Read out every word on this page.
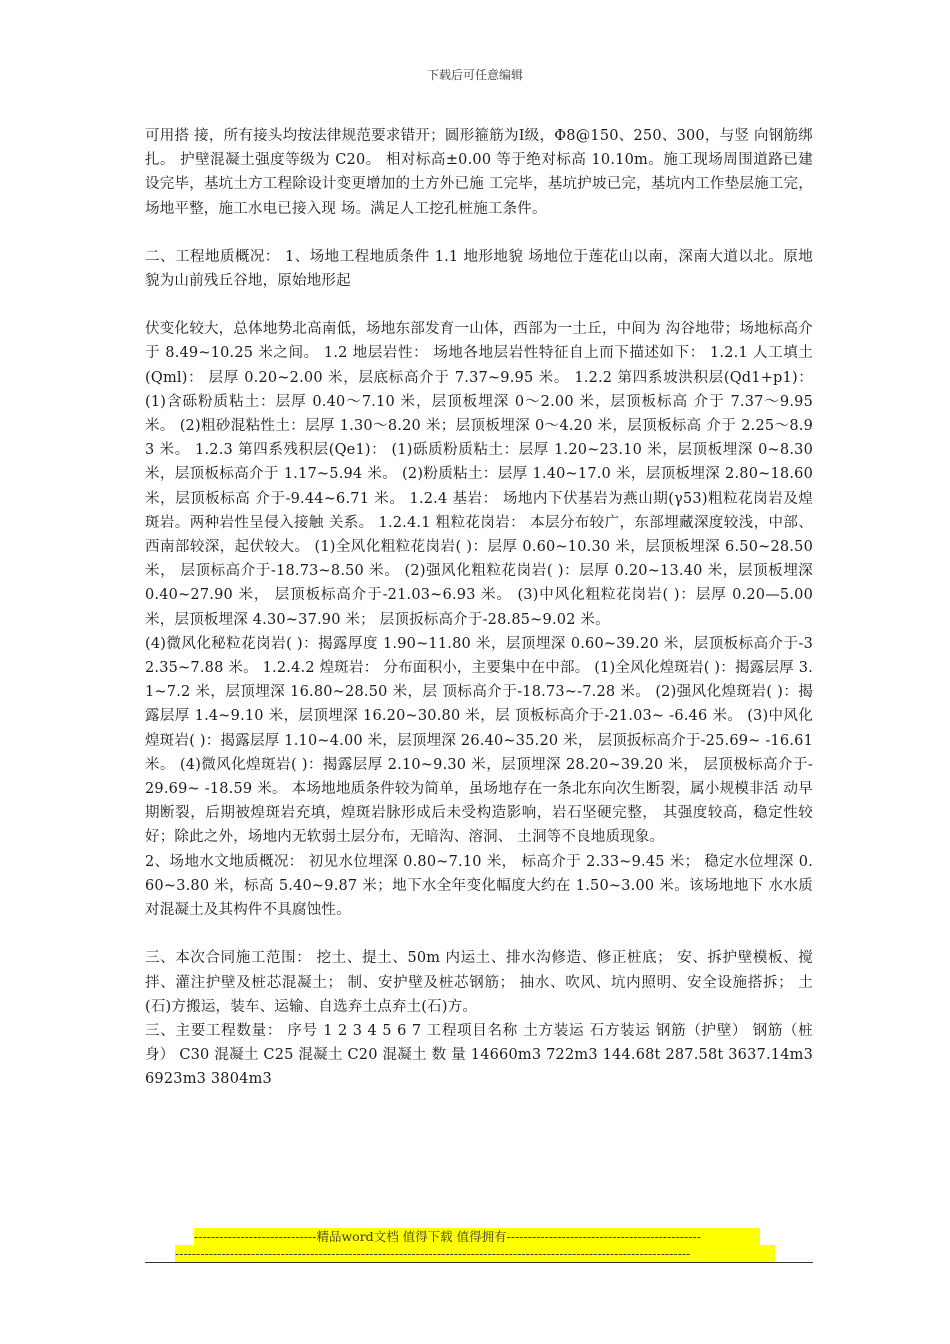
下载后可任意编辑

可用搭 接，所有接头均按法律规范要求错开；圆形箍筋为Ⅰ级，Φ8@150、250、300，与竖 向钢筋绑扎。 护壁混凝土强度等级为 C20。 相对标高±0.00 等于绝对标高 10.10m。施工现场周围道路已建设完毕，基坑土方工程除设计变更增加的土方外已施 工完毕，基坑护坡已完，基坑内工作垫层施工完，场地平整，施工水电已接入现 场。满足人工挖孔桩施工条件。

二、工程地质概况： 1、场地工程地质条件 1.1 地形地貌 场地位于莲花山以南，深南大道以北。原地貌为山前残丘谷地，原始地形起

伏变化较大，总体地势北高南低，场地东部发育一山体，西部为一土丘，中间为 沟谷地带；场地标高介于 8.49~10.25 米之间。 1.2 地层岩性： 场地各地层岩性特征自上而下描述如下： 1.2.1 人工填土(Qml)： 层厚 0.20~2.00 米，层底标高介于 7.37~9.95 米。 1.2.2 第四系坡洪积层(Qd1+p1)： (1)含砾粉质粘土：层厚 0.40～7.10 米，层顶板埋深 0～2.00 米，层顶板标高 介于 7.37～9.95 米。 (2)粗砂混粘性土：层厚 1.30～8.20 米；层顶板埋深 0～4.20 米，层顶板标高 介于 2.25～8.93 米。 1.2.3 第四系残积层(Qe1)： (1)砾质粉质粘土：层厚 1.20~23.10 米，层顶板埋深 0~8.30 米，层顶板标高介于 1.17~5.94 米。 (2)粉质粘土：层厚 1.40~17.0 米，层顶板埋深 2.80~18.60 米，层顶板标高 介于-9.44~6.71 米。 1.2.4 基岩： 场地内下伏基岩为燕山期(γ53)粗粒花岗岩及煌斑岩。两种岩性呈侵入接触 关系。 1.2.4.1 粗粒花岗岩： 本层分布较广，东部埋藏深度较浅，中部、西南部较深，起伏较大。 (1)全风化粗粒花岗岩( )：层厚 0.60~10.30 米，层顶板埋深 6.50~28.50 米， 层顶标高介于-18.73~8.50 米。 (2)强风化粗粒花岗岩( )：层厚 0.20~13.40 米，层顶板埋深 0.40~27.90 米， 层顶板标高介于-21.03~6.93 米。 (3)中风化粗粒花岗岩( )：层厚 0.20—5.00 米，层顶板埋深 4.30~37.90 米； 层顶扳标高介于-28.85~9.02 米。

(4)微风化秘粒花岗岩( )：揭露厚度 1.90~11.80 米，层顶埋深 0.60~39.20 米，层顶板标高介于-32.35~7.88 米。 1.2.4.2 煌斑岩： 分布面积小，主要集中在中部。 (1)全风化煌斑岩( )：揭露层厚 3.1~7.2 米，层顶埋深 16.80~28.50 米，层 顶标高介于-18.73~-7.28 米。 (2)强风化煌斑岩( )：揭露层厚 1.4~9.10 米，层顶埋深 16.20~30.80 米，层 顶板标高介于-21.03~ -6.46 米。 (3)中风化煌斑岩( )：揭露层厚 1.10~4.00 米，层顶埋深 26.40~35.20 米， 层顶扳标高介于-25.69~ -16.61 米。 (4)微风化煌斑岩( )：揭露层厚 2.10~9.30 米，层顶埋深 28.20~39.20 米， 层顶极标高介于-29.69~ -18.59 米。 本场地地质条件较为简单，虽场地存在一条北东向次生断裂，属小规模非活 动早期断裂，后期被煌斑岩充填，煌斑岩脉形成后未受构造影响，岩石坚硬完整， 其强度较高，稳定性较好；除此之外，场地内无软弱土层分布，无暗沟、溶洞、 土洞等不良地质现象。

2、场地水文地质概况： 初见水位埋深 0.80~7.10 米， 标高介于 2.33~9.45 米； 稳定水位埋深 0.60~3.80 米，标高 5.40~9.87 米；地下水全年变化幅度大约在 1.50~3.00 米。该场地地下 水水质对混凝土及其构件不具腐蚀性。

三、本次合同施工范围： 挖土、提土、50m 内运土、排水沟修造、修正桩底； 安、拆护壁模板、搅拌、灌注护壁及桩芯混凝土； 制、安护壁及桩芯钢筋； 抽水、吹风、坑内照明、安全设施搭拆； 土(石)方搬运，装车、运输、自选弃土点弃土(石)方。

三、主要工程数量： 序号 1 2 3 4 5 6 7 工程项目名称 土方装运 石方装运 钢筋（护壁） 钢筋（桩身） C30 混凝土 C25 混凝土 C20 混凝土 数 量 14660m3 722m3 144.68t 287.58t 3637.14m3 6923m3 3804m3

-----------------------------精品word文档 值得下载 值得拥有----------------------------------------------
--------------------------------------------------------------------------------------------------------------------------
